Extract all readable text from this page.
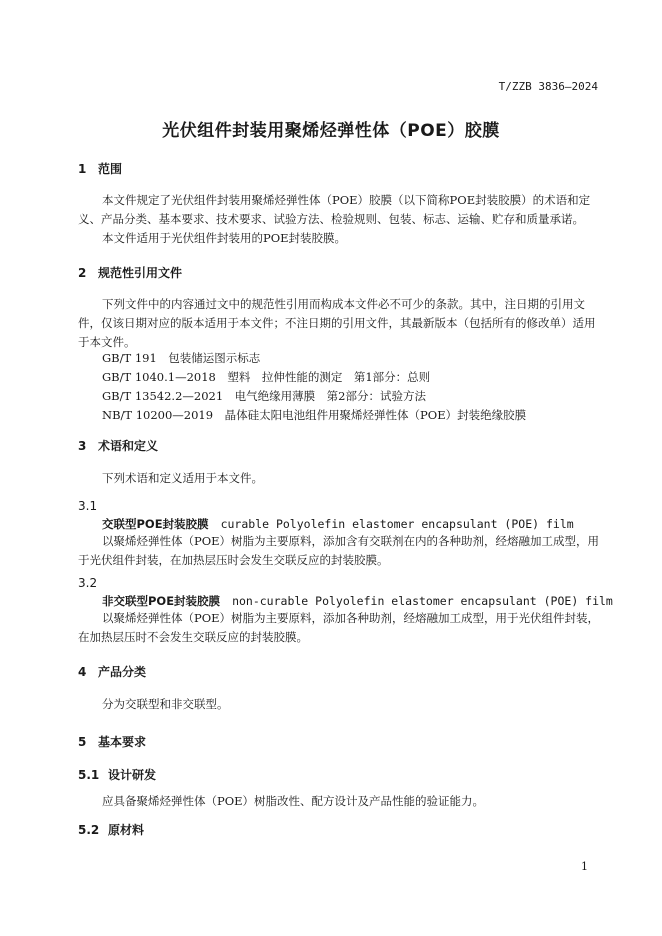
T/ZZB 3836—2024
光伏组件封装用聚烯烃弹性体（POE）胶膜
1 范围
本文件规定了光伏组件封装用聚烯烃弹性体（POE）胶膜（以下简称POE封装胶膜）的术语和定义、产品分类、基本要求、技术要求、试验方法、检验规则、包装、标志、运输、贮存和质量承诺。
本文件适用于光伏组件封装用的POE封装胶膜。
2 规范性引用文件
下列文件中的内容通过文中的规范性引用而构成本文件必不可少的条款。其中，注日期的引用文件，仅该日期对应的版本适用于本文件；不注日期的引用文件，其最新版本（包括所有的修改单）适用于本文件。
GB/T 191　包装储运图示标志
GB/T 1040.1—2018　塑料　拉伸性能的测定　第1部分：总则
GB/T 13542.2—2021　电气绝缘用薄膜　第2部分：试验方法
NB/T 10200—2019　晶体硅太阳电池组件用聚烯烃弹性体（POE）封装绝缘胶膜
3 术语和定义
下列术语和定义适用于本文件。
3.1
交联型POE封装胶膜 curable Polyolefin elastomer encapsulant (POE) film
以聚烯烃弹性体（POE）树脂为主要原料，添加含有交联剂在内的各种助剂，经熔融加工成型，用于光伏组件封装，在加热层压时会发生交联反应的封装胶膜。
3.2
非交联型POE封装胶膜 non-curable Polyolefin elastomer encapsulant (POE) film
以聚烯烃弹性体（POE）树脂为主要原料，添加各种助剂，经熔融加工成型，用于光伏组件封装，在加热层压时不会发生交联反应的封装胶膜。
4 产品分类
分为交联型和非交联型。
5 基本要求
5.1 设计研发
应具备聚烯烃弹性体（POE）树脂改性、配方设计及产品性能的验证能力。
5.2 原材料
1
